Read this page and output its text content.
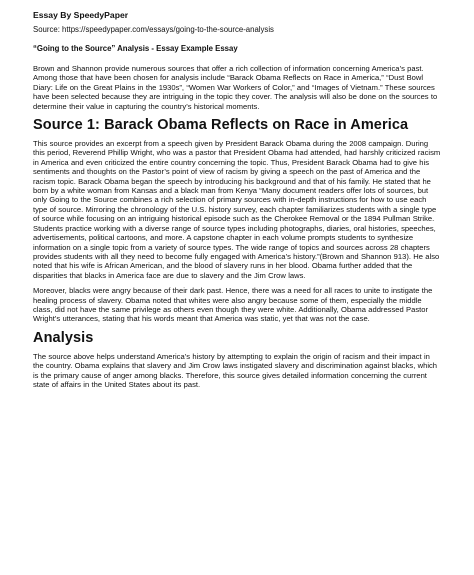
Essay By SpeedyPaper
Source: https://speedypaper.com/essays/going-to-the-source-analysis
“Going to the Source” Analysis - Essay Example Essay

Brown and Shannon provide numerous sources that offer a rich collection of information concerning America’s past. Among those that have been chosen for analysis include “Barack Obama Reflects on Race in America,” “Dust Bowl Diary: Life on the Great Plains in the 1930s”, “Women War Workers of Color,” and “Images of Vietnam.” These sources have been selected because they are intriguing in the topic they cover. The analysis will also be done on the sources to determine their value in capturing the country’s historical moments.

Source 1: Barack Obama Reflects on Race in America

This source provides an excerpt from a speech given by President Barack Obama during the 2008 campaign. During this period, Reverend Phillip Wright, who was a pastor that President Obama had attended, had harshly criticized racism in America and even criticized the entire country concerning the topic. Thus, President Barack Obama had to give his sentiments and thoughts on the Pastor’s point of view of racism by giving a speech on the past of America and the racism topic. Barack Obama began the speech by introducing his background and that of his family. He stated that he born by a white woman from Kansas and a black man from Kenya “Many document readers offer lots of sources, but only Going to the Source combines a rich selection of primary sources with in-depth instructions for how to use each type of source. Mirroring the chronology of the U.S. history survey, each chapter familiarizes students with a single type of source while focusing on an intriguing historical episode such as the Cherokee Removal or the 1894 Pullman Strike. Students practice working with a diverse range of source types including photographs, diaries, oral histories, speeches, advertisements, political cartoons, and more. A capstone chapter in each volume prompts students to synthesize information on a single topic from a variety of source types. The wide range of topics and sources across 28 chapters provides students with all they need to become fully engaged with America’s history.”(Brown and Shannon 913). He also noted that his wife is African American, and the blood of slavery runs in her blood. Obama further added that the disparities that blacks in America face are due to slavery and the Jim Crow laws.

Moreover, blacks were angry because of their dark past. Hence, there was a need for all races to unite to instigate the healing process of slavery. Obama noted that whites were also angry because some of them, especially the middle class, did not have the same privilege as others even though they were white. Additionally, Obama addressed Pastor Wright’s utterances, stating that his words meant that America was static, yet that was not the case.

Analysis

The source above helps understand America’s history by attempting to explain the origin of racism and their impact in the country. Obama explains that slavery and Jim Crow laws instigated slavery and discrimination against blacks, which is the primary cause of anger among blacks. Therefore, this source gives detailed information concerning the current state of affairs in the United States about its past.
